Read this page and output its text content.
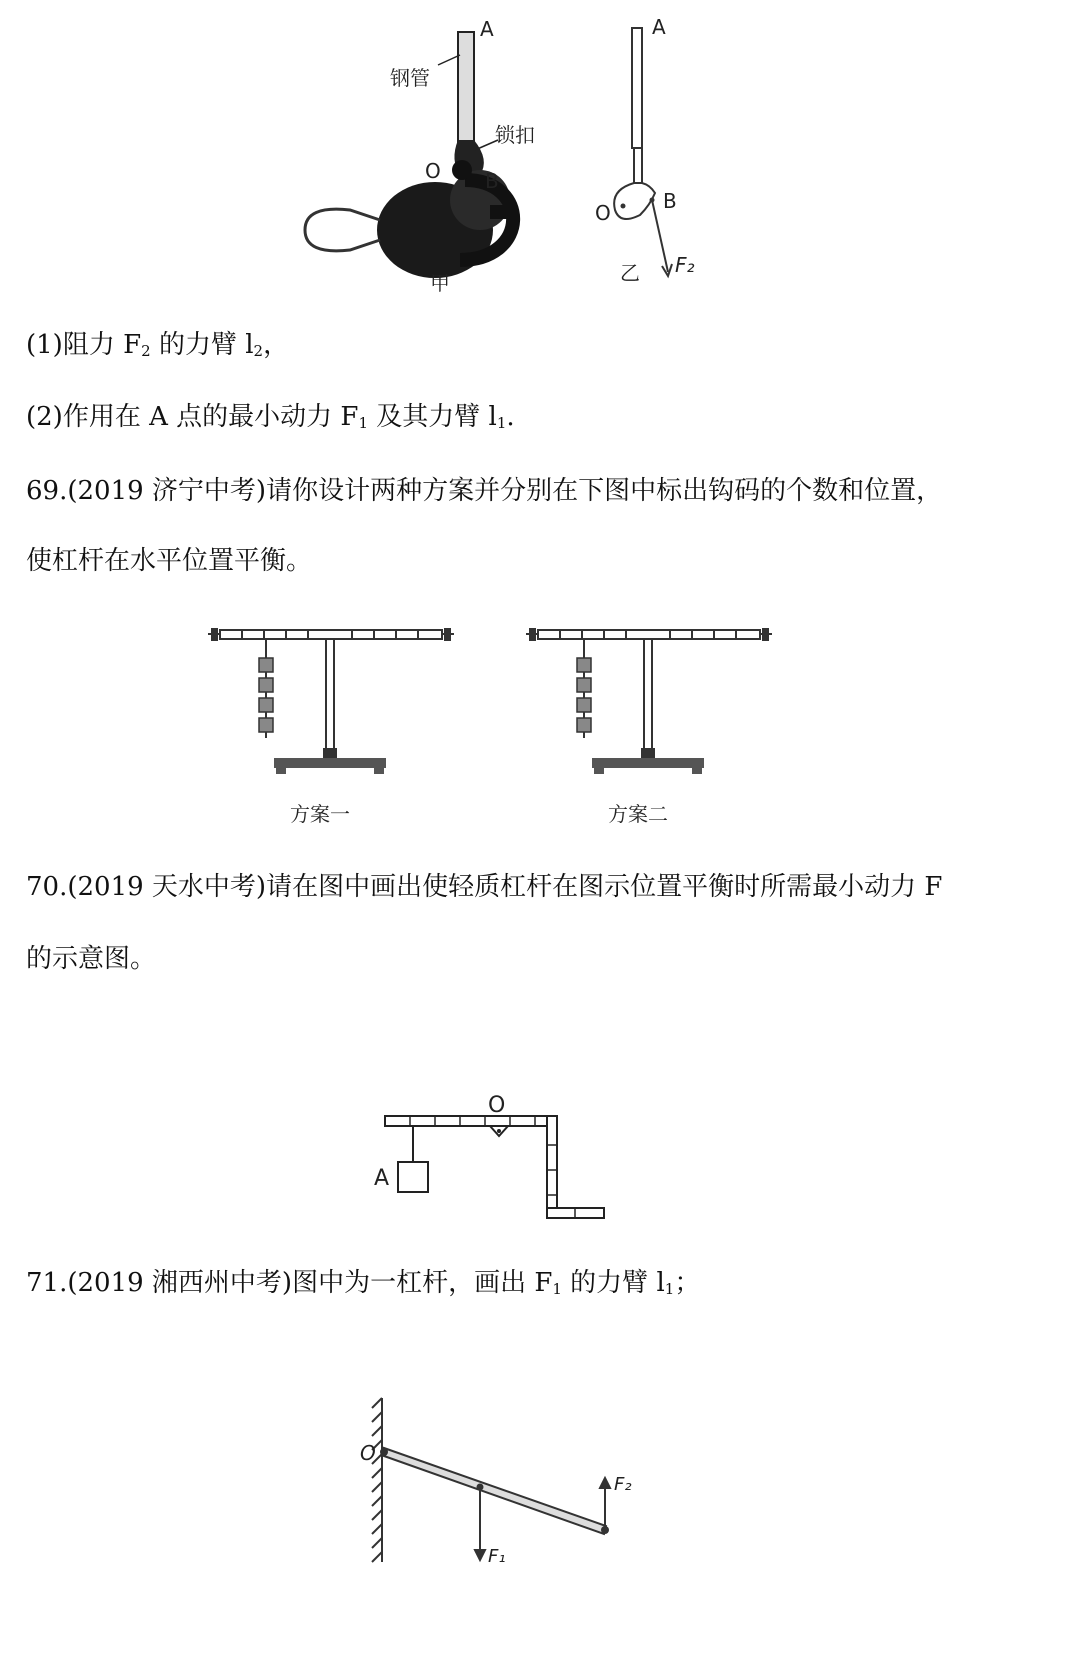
A
钢管
锁扣
O B
甲
A
O	B
乙 F₂
(1)阻力 $F_2$ 的力臂 $l_2$，
(2)作用在 A 点的最小动力 $F_1$ 及其力臂 $l_1$.
69.(2019 济宁中考)请你设计两种方案并分别在下图中标出钩码的个数和位置，
使杠杆在水平位置平衡。
方案一	方案二
70.(2019 天水中考)请在图中画出使轻质杠杆在图示位置平衡时所需最小动力 F
的示意图。
O
A
71.(2019 湘西州中考)图中为一杠杆，画出 $F_1$ 的力臂 $l_1$；
O
F₁
F₂
